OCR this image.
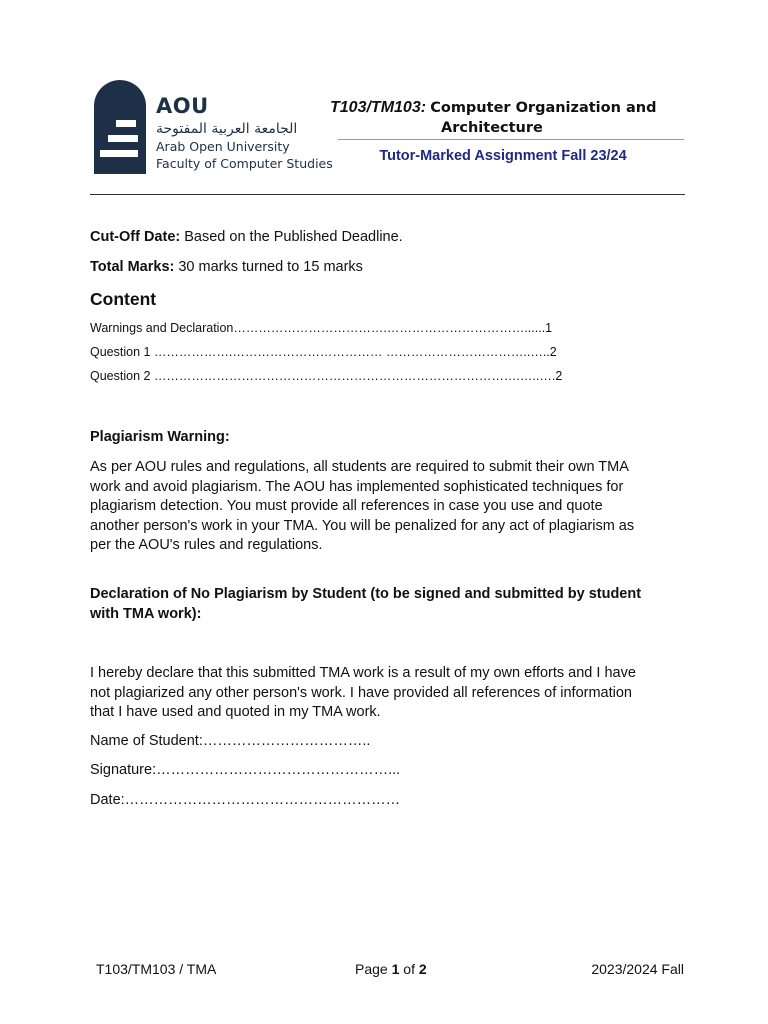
AOU
الجامعة العربية المفتوحة
Arab Open University
Faculty of Computer Studies
T103/TM103: Computer Organization and
Architecture
Tutor-Marked Assignment Fall 23/24
Cut-Off Date: Based on the Published Deadline.
Total Marks: 30 marks turned to 15 marks
Content
Warnings and Declaration……………………………….……………………………......1
Question 1 ……………….……………………………… ……………………………..…..2
Question 2 …………………………………………………………………………….…..….2
Plagiarism Warning:
As per AOU rules and regulations, all students are required to submit their own TMA
work and avoid plagiarism. The AOU has implemented sophisticated techniques for
plagiarism detection. You must provide all references in case you use and quote
another person's work in your TMA. You will be penalized for any act of plagiarism as
per the AOU's rules and regulations.
Declaration of No Plagiarism by Student (to be signed and submitted by student
with TMA work):
I hereby declare that this submitted TMA work is a result of my own efforts and I have
not plagiarized any other person's work. I have provided all references of information
that I have used and quoted in my TMA work.
Name of Student:……………………………..
Signature:…………………………………………...
Date:…………………………………………………
T103/TM103 / TMA	Page 1 of 2	2023/2024 Fall
